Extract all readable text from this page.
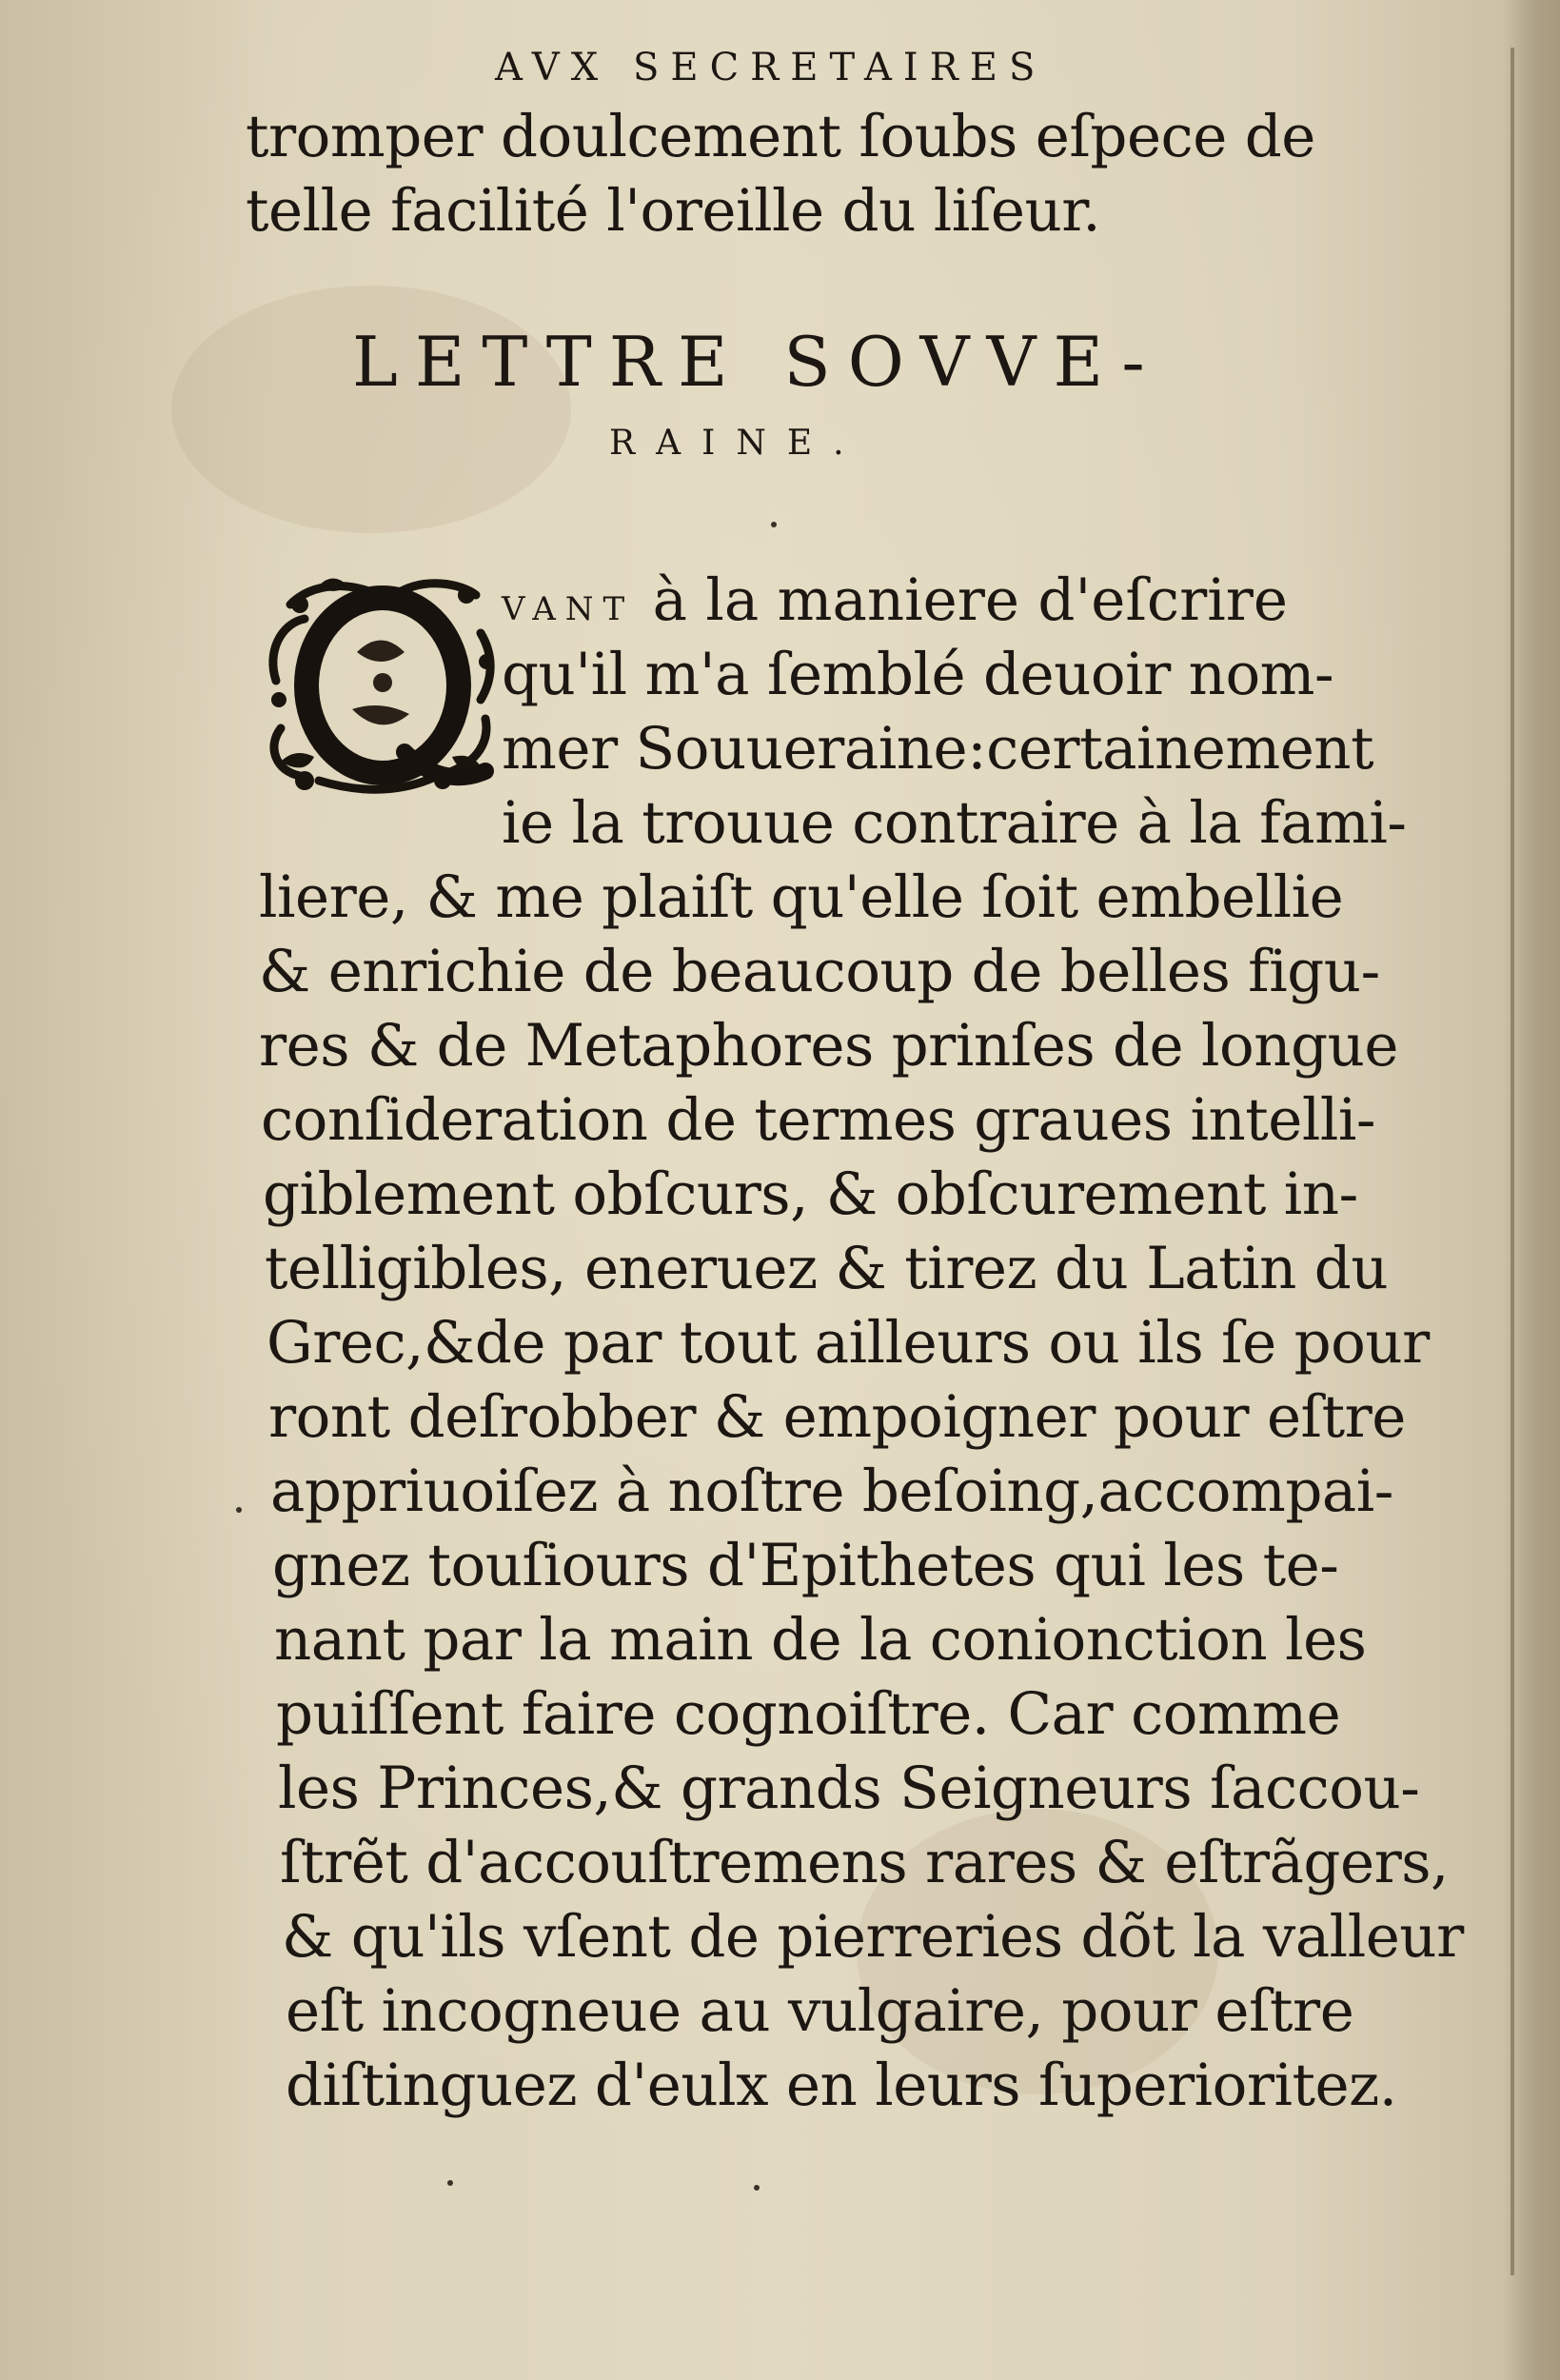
AVX SECRETAIRES
tromper doulcement ſoubs eſpece de
telle facilité l'oreille du liſeur.
LETTRE SOVVE-
RAINE.
VANT à la maniere d'eſcrire
qu'il m'a ſemblé deuoir nom-
mer Souueraine:certainement
ie la trouue contraire à la fami-
liere, & me plaiſt qu'elle ſoit embellie
& enrichie de beaucoup de belles figu-
res & de Metaphores prinſes de longue
conſideration de termes graues intelli-
giblement obſcurs, & obſcurement in-
telligibles, eneruez & tirez du Latin du
Grec,&de par tout ailleurs ou ils ſe pour
ront deſrobber & empoigner pour eſtre
appriuoiſez à noſtre beſoing,accompai-
gnez touſiours d'Epithetes qui les te-
nant par la main de la conionction les
puiſſent faire cognoiſtre. Car comme
les Princes,& grands Seigneurs ſaccou-
ſtrẽt d'accouſtremens rares & eſtrãgers,
& qu'ils vſent de pierreries dõt la valleur
eſt incogneue au vulgaire, pour eſtre
diſtinguez d'eulx en leurs ſuperioritez.
